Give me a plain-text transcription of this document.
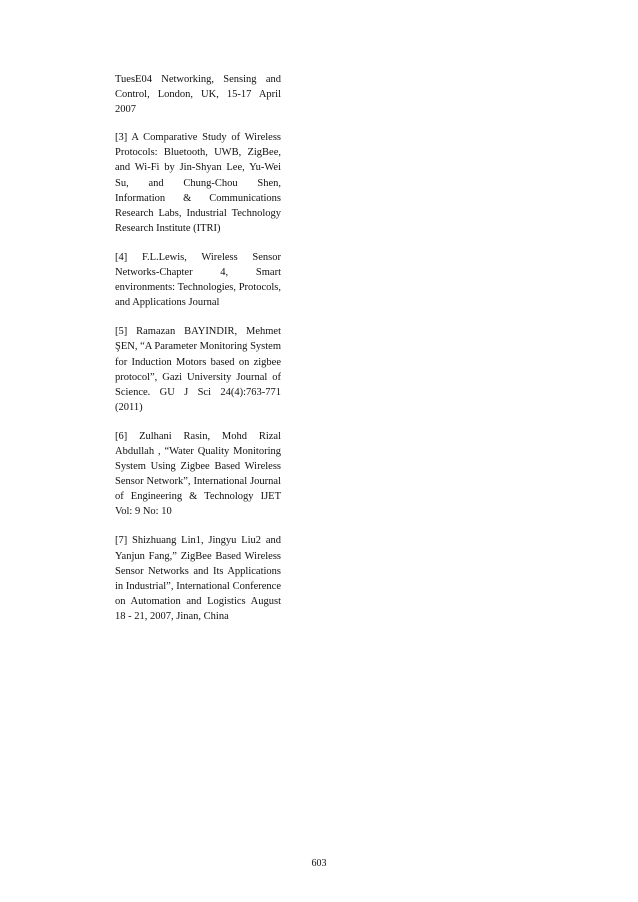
TuesE04 Networking, Sensing and Control, London, UK, 15-17 April 2007

[3] A Comparative Study of Wireless Protocols: Bluetooth, UWB, ZigBee, and Wi-Fi by Jin-Shyan Lee, Yu-Wei Su, and Chung-Chou Shen, Information & Communications Research Labs, Industrial Technology Research Institute (ITRI)

[4] F.L.Lewis, Wireless Sensor Networks-Chapter 4, Smart environments: Technologies, Protocols, and Applications Journal

[5] Ramazan BAYINDIR, Mehmet ŞEN, “A Parameter Monitoring System for Induction Motors based on zigbee protocol”, Gazi University Journal of Science. GU J Sci 24(4):763-771 (2011)

[6] Zulhani Rasin, Mohd Rizal Abdullah , “Water Quality Monitoring System Using Zigbee Based Wireless Sensor Network”, International Journal of Engineering & Technology IJET Vol: 9 No: 10

[7] Shizhuang Lin1, Jingyu Liu2 and Yanjun Fang,” ZigBee Based Wireless Sensor Networks and Its Applications in Industrial”, International Conference on Automation and Logistics August 18 - 21, 2007, Jinan, China

603
